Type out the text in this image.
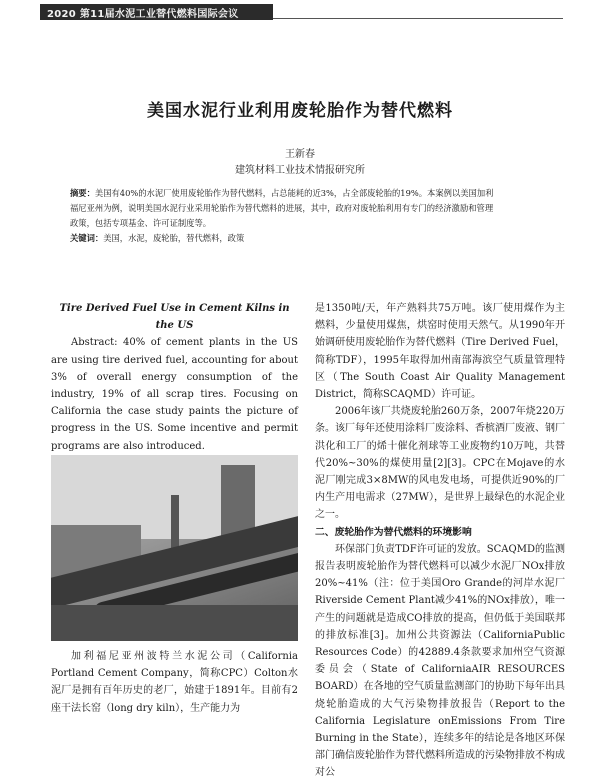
2020 第11届水泥工业替代燃料国际会议
美国水泥行业利用废轮胎作为替代燃料
王新春
建筑材料工业技术情报研究所
摘要：美国有40%的水泥厂使用废轮胎作为替代燃料，占总能耗的近3%，占全部废轮胎的19%。本案例以美国加利
福尼亚州为例，说明美国水泥行业采用轮胎作为替代燃料的进展，其中，政府对废轮胎利用有专门的经济激励和管理
政策，包括专项基金、许可证制度等。
关键词：美国，水泥，废轮胎，替代燃料，政策

Tire Derived Fuel Use in Cement Kilns in the US

Abstract: 40% of cement plants in the US are using tire derived fuel, accounting for about 3% of overall energy consumption of the industry, 19% of all scrap tires. Focusing on California the case study paints the picture of progress in the US. Some incentive and permit programs are also introduced.

加利福尼亚州波特兰水泥公司（California Portland Cement Company，简称CPC）Colton水泥厂是拥有百年历史的老厂，始建于1891年。目前有2座干法长窑（long dry kiln），生产能力为

是1350吨/天，年产熟料共75万吨。该厂使用煤作为主燃料，少量使用煤焦，烘窑时使用天然气。从1990年开始调研使用废轮胎作为替代燃料（Tire Derived Fuel，简称TDF），1995年取得加州南部海滨空气质量管理特区（The South Coast Air Quality Management District，简称SCAQMD）许可证。

2006年该厂共烧废轮胎260万条，2007年烧220万条。该厂每年还使用涂料厂废涂料、香槟酒厂废液、钢厂洪化和工厂的烯十催化剂球等工业废物约10万吨，共替代20%~30%的煤使用量[2][3]。CPC在Mojave的水泥厂刚完成3×8MW的风电发电场，可提供近90%的厂内生产用电需求（27MW），是世界上最绿色的水泥企业之一。

二、废轮胎作为替代燃料的环境影响

环保部门负责TDF许可证的发放。SCAQMD的监测报告表明废轮胎作为替代燃料可以减少水泥厂NOx排放20%~41%（注：位于美国Oro Grande的河岸水泥厂Riverside Cement Plant减少41%的NOx排放），唯一产生的问题就是造成CO排放的提高，但仍低于美国联邦的排放标准[3]。加州公共资源法（CaliforniaPublic Resources Code）的42889.4条款要求加州空气资源委员会（State of CaliforniaAIR RESOURCES BOARD）在各地的空气质量监测部门的协助下每年出具烧轮胎造成的大气污染物排放报告（Report to the California Legislature onEmissions From Tire Burning in the State），连续多年的结论是各地区环保部门确信废轮胎作为替代燃料所造成的污染物排放不构成对公
